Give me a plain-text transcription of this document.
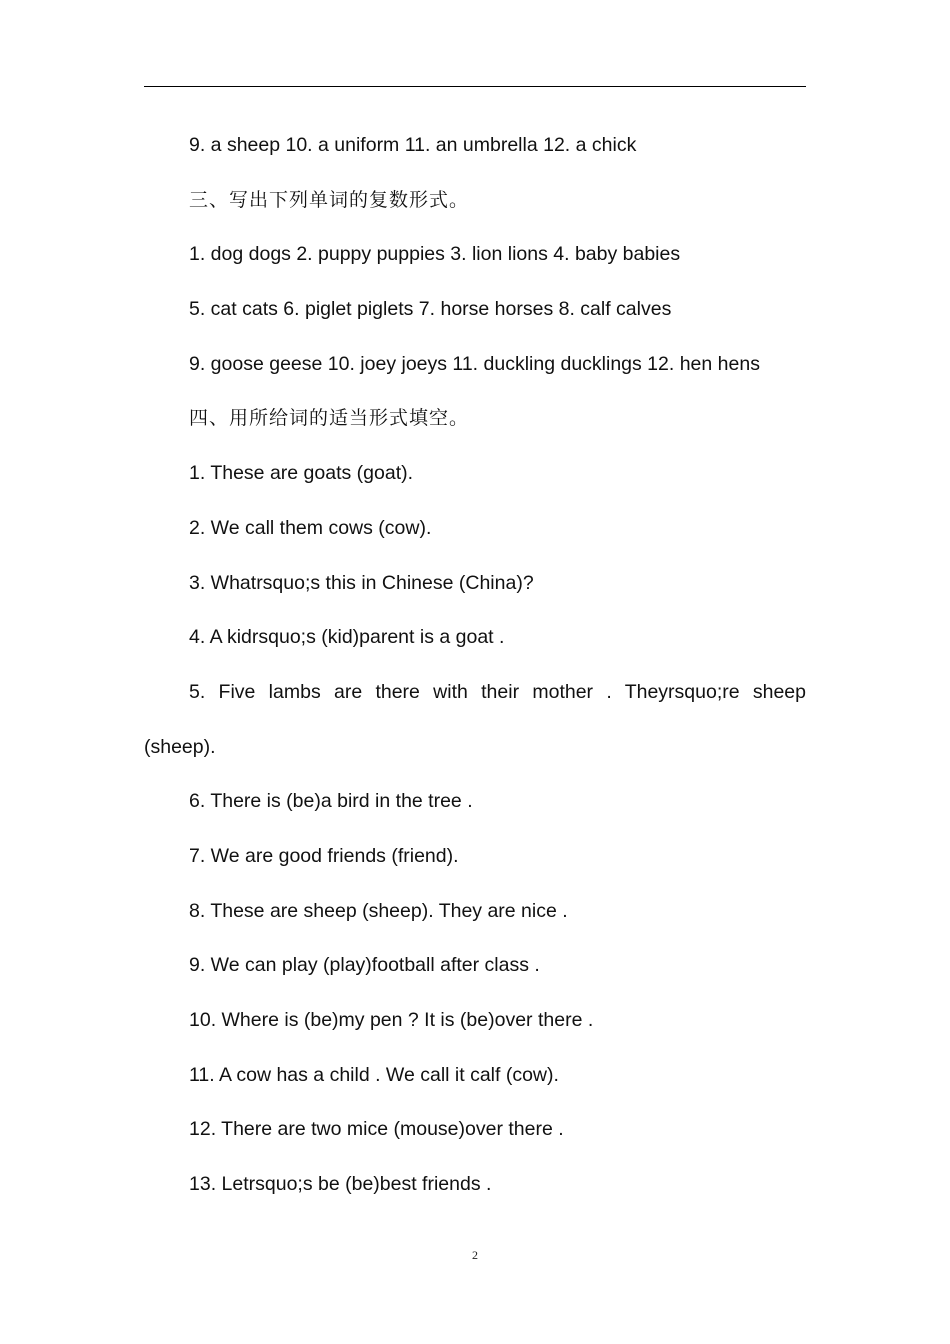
9. a sheep 10. a uniform 11. an umbrella 12. a chick
三、写出下列单词的复数形式。
1. dog dogs 2. puppy puppies 3. lion lions 4. baby babies
5. cat cats 6. piglet piglets 7. horse horses 8. calf calves
9. goose geese 10. joey joeys 11. duckling ducklings 12. hen hens
四、用所给词的适当形式填空。
1. These are goats (goat).
2. We call them cows (cow).
3. Whatrsquo;s this in Chinese (China)?
4. A kidrsquo;s (kid)parent is a goat .
5. Five lambs are there with their mother . Theyrsquo;re sheep
(sheep).
6. There is (be)a bird in the tree .
7. We are good friends (friend).
8. These are sheep (sheep). They are nice .
9. We can play (play)football after class .
10. Where is (be)my pen ? It is (be)over there .
11. A cow has a child . We call it calf (cow).
12. There are two mice (mouse)over there .
13. Letrsquo;s be (be)best friends .
2
